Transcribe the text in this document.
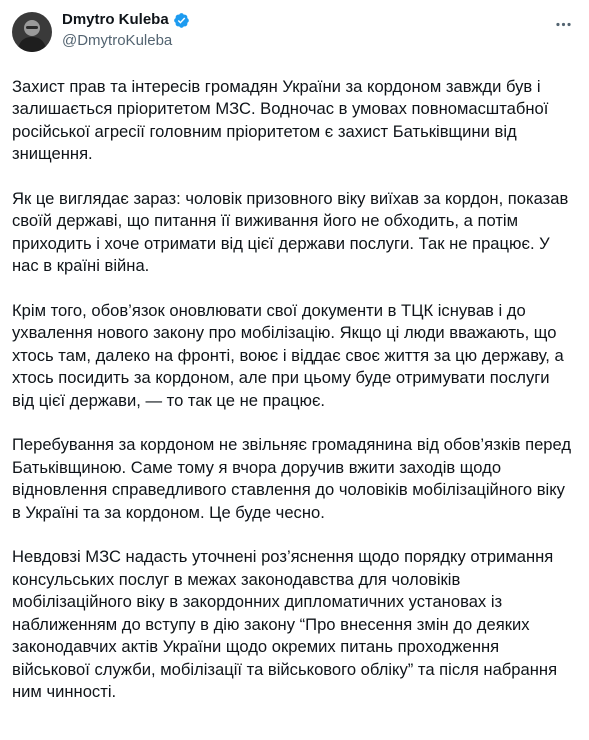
Dmytro Kuleba
@DmytroKuleba

Захист прав та інтересів громадян України за кордоном завжди був і залишається пріоритетом МЗС. Водночас в умовах повномасштабної російської агресії головним пріоритетом є захист Батьківщини від знищення.

Як це виглядає зараз: чоловік призовного віку виїхав за кордон, показав своїй державі, що питання її виживання його не обходить, а потім приходить і хоче отримати від цієї держави послуги. Так не працює. У нас в країні війна.

Крім того, обов’язок оновлювати свої документи в ТЦК існував і до ухвалення нового закону про мобілізацію. Якщо ці люди вважають, що хтось там, далеко на фронті, воює і віддає своє життя за цю державу, а хтось посидить за кордоном, але при цьому буде отримувати послуги від цієї держави, — то так це не працює.

Перебування за кордоном не звільняє громадянина від обов’язків перед Батьківщиною. Саме тому я вчора доручив вжити заходів щодо відновлення справедливого ставлення до чоловіків мобілізаційного віку в Україні та за кордоном. Це буде чесно.

Невдовзі МЗС надасть уточнені роз’яснення щодо порядку отримання консульських послуг в межах законодавства для чоловіків мобілізаційного віку в закордонних дипломатичних установах із наближенням до вступу в дію закону “Про внесення змін до деяких законодавчих актів України щодо окремих питань проходження військової служби, мобілізації та військового обліку” та після набрання ним чинності.
